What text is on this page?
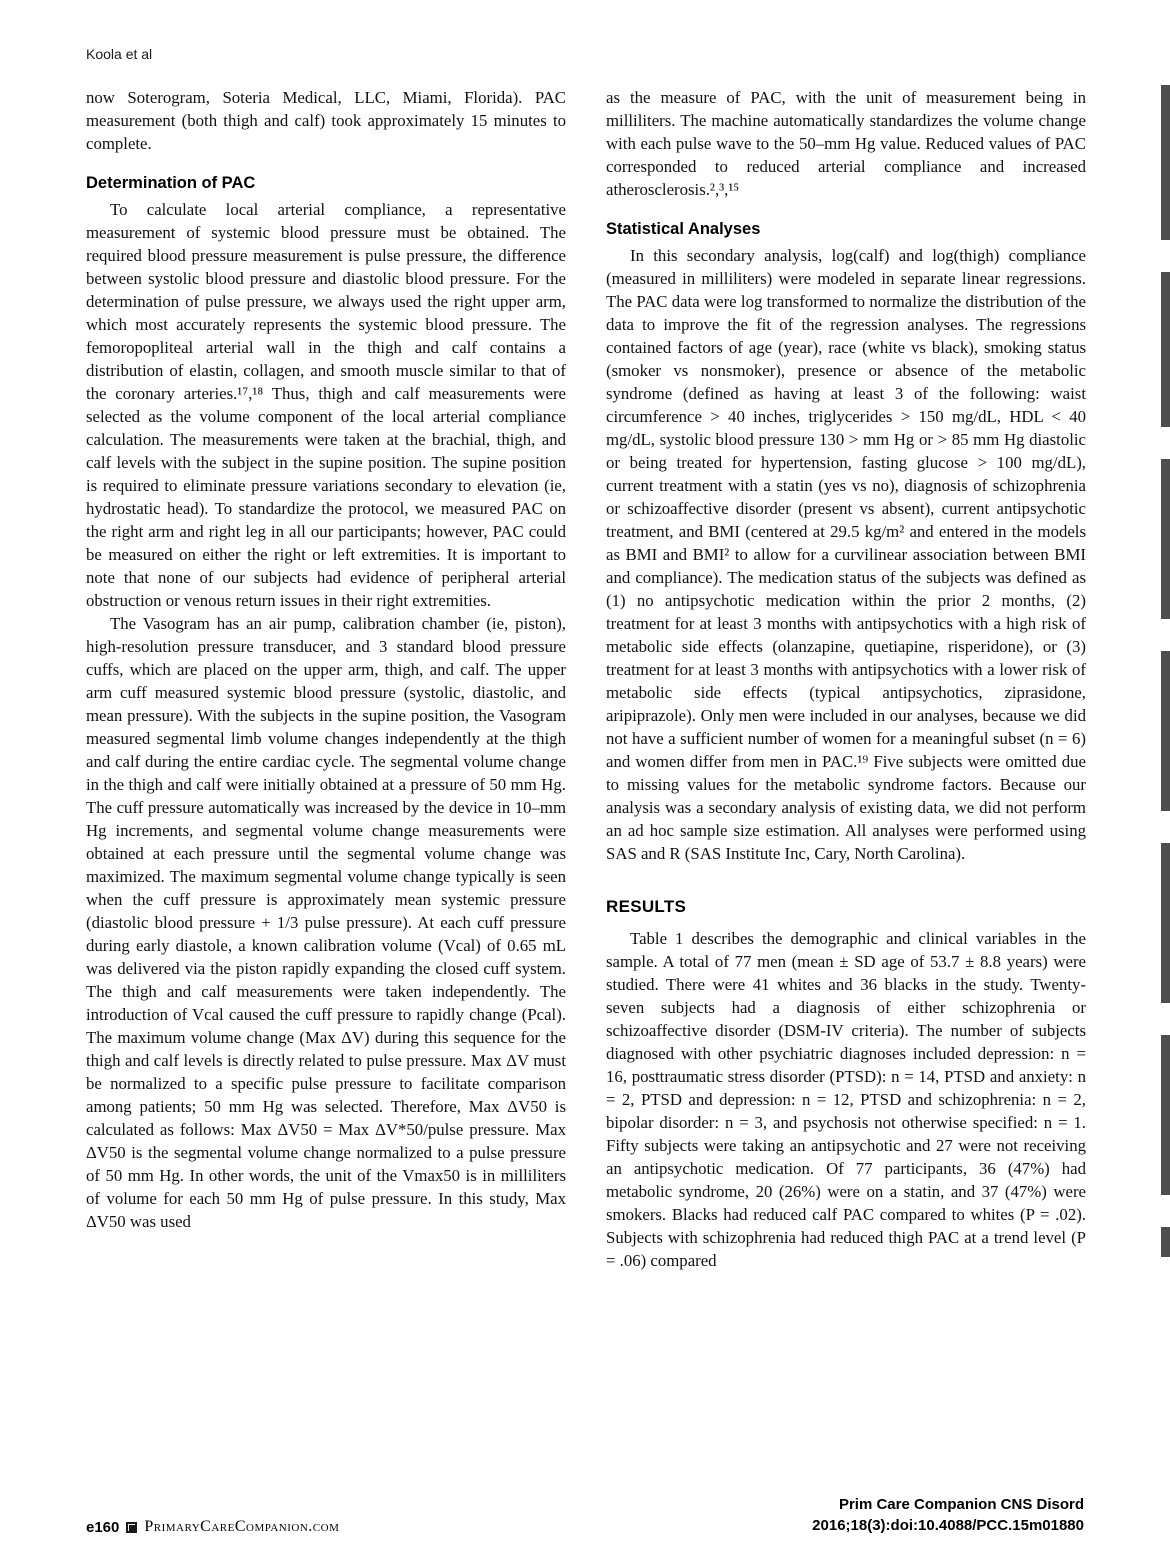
Koola et al

now Soterogram, Soteria Medical, LLC, Miami, Florida). PAC measurement (both thigh and calf) took approximately 15 minutes to complete.

Determination of PAC

To calculate local arterial compliance, a representative measurement of systemic blood pressure must be obtained. The required blood pressure measurement is pulse pressure, the difference between systolic blood pressure and diastolic blood pressure. For the determination of pulse pressure, we always used the right upper arm, which most accurately represents the systemic blood pressure. The femoropopliteal arterial wall in the thigh and calf contains a distribution of elastin, collagen, and smooth muscle similar to that of the coronary arteries.¹⁷,¹⁸ Thus, thigh and calf measurements were selected as the volume component of the local arterial compliance calculation. The measurements were taken at the brachial, thigh, and calf levels with the subject in the supine position. The supine position is required to eliminate pressure variations secondary to elevation (ie, hydrostatic head). To standardize the protocol, we measured PAC on the right arm and right leg in all our participants; however, PAC could be measured on either the right or left extremities. It is important to note that none of our subjects had evidence of peripheral arterial obstruction or venous return issues in their right extremities.

The Vasogram has an air pump, calibration chamber (ie, piston), high-resolution pressure transducer, and 3 standard blood pressure cuffs, which are placed on the upper arm, thigh, and calf. The upper arm cuff measured systemic blood pressure (systolic, diastolic, and mean pressure). With the subjects in the supine position, the Vasogram measured segmental limb volume changes independently at the thigh and calf during the entire cardiac cycle. The segmental volume change in the thigh and calf were initially obtained at a pressure of 50 mm Hg. The cuff pressure automatically was increased by the device in 10–mm Hg increments, and segmental volume change measurements were obtained at each pressure until the segmental volume change was maximized. The maximum segmental volume change typically is seen when the cuff pressure is approximately mean systemic pressure (diastolic blood pressure + 1/3 pulse pressure). At each cuff pressure during early diastole, a known calibration volume (Vcal) of 0.65 mL was delivered via the piston rapidly expanding the closed cuff system. The thigh and calf measurements were taken independently. The introduction of Vcal caused the cuff pressure to rapidly change (Pcal). The maximum volume change (Max ΔV) during this sequence for the thigh and calf levels is directly related to pulse pressure. Max ΔV must be normalized to a specific pulse pressure to facilitate comparison among patients; 50 mm Hg was selected. Therefore, Max ΔV50 is calculated as follows: Max ΔV50 = Max ΔV*50/pulse pressure. Max ΔV50 is the segmental volume change normalized to a pulse pressure of 50 mm Hg. In other words, the unit of the Vmax50 is in milliliters of volume for each 50 mm Hg of pulse pressure. In this study, Max ΔV50 was used

as the measure of PAC, with the unit of measurement being in milliliters. The machine automatically standardizes the volume change with each pulse wave to the 50–mm Hg value. Reduced values of PAC corresponded to reduced arterial compliance and increased atherosclerosis.²,³,¹⁵

Statistical Analyses

In this secondary analysis, log(calf) and log(thigh) compliance (measured in milliliters) were modeled in separate linear regressions. The PAC data were log transformed to normalize the distribution of the data to improve the fit of the regression analyses. The regressions contained factors of age (year), race (white vs black), smoking status (smoker vs nonsmoker), presence or absence of the metabolic syndrome (defined as having at least 3 of the following: waist circumference > 40 inches, triglycerides > 150 mg/dL, HDL < 40 mg/dL, systolic blood pressure 130 > mm Hg or > 85 mm Hg diastolic or being treated for hypertension, fasting glucose > 100 mg/dL), current treatment with a statin (yes vs no), diagnosis of schizophrenia or schizoaffective disorder (present vs absent), current antipsychotic treatment, and BMI (centered at 29.5 kg/m² and entered in the models as BMI and BMI² to allow for a curvilinear association between BMI and compliance). The medication status of the subjects was defined as (1) no antipsychotic medication within the prior 2 months, (2) treatment for at least 3 months with antipsychotics with a high risk of metabolic side effects (olanzapine, quetiapine, risperidone), or (3) treatment for at least 3 months with antipsychotics with a lower risk of metabolic side effects (typical antipsychotics, ziprasidone, aripiprazole). Only men were included in our analyses, because we did not have a sufficient number of women for a meaningful subset (n = 6) and women differ from men in PAC.¹⁹ Five subjects were omitted due to missing values for the metabolic syndrome factors. Because our analysis was a secondary analysis of existing data, we did not perform an ad hoc sample size estimation. All analyses were performed using SAS and R (SAS Institute Inc, Cary, North Carolina).

RESULTS

Table 1 describes the demographic and clinical variables in the sample. A total of 77 men (mean ± SD age of 53.7 ± 8.8 years) were studied. There were 41 whites and 36 blacks in the study. Twenty-seven subjects had a diagnosis of either schizophrenia or schizoaffective disorder (DSM-IV criteria). The number of subjects diagnosed with other psychiatric diagnoses included depression: n = 16, posttraumatic stress disorder (PTSD): n = 14, PTSD and anxiety: n = 2, PTSD and depression: n = 12, PTSD and schizophrenia: n = 2, bipolar disorder: n = 3, and psychosis not otherwise specified: n = 1. Fifty subjects were taking an antipsychotic and 27 were not receiving an antipsychotic medication. Of 77 participants, 36 (47%) had metabolic syndrome, 20 (26%) were on a statin, and 37 (47%) were smokers. Blacks had reduced calf PAC compared to whites (P = .02). Subjects with schizophrenia had reduced thigh PAC at a trend level (P = .06) compared

e160 PrimaryCareCompanion.com
Prim Care Companion CNS Disord
2016;18(3):doi:10.4088/PCC.15m01880
